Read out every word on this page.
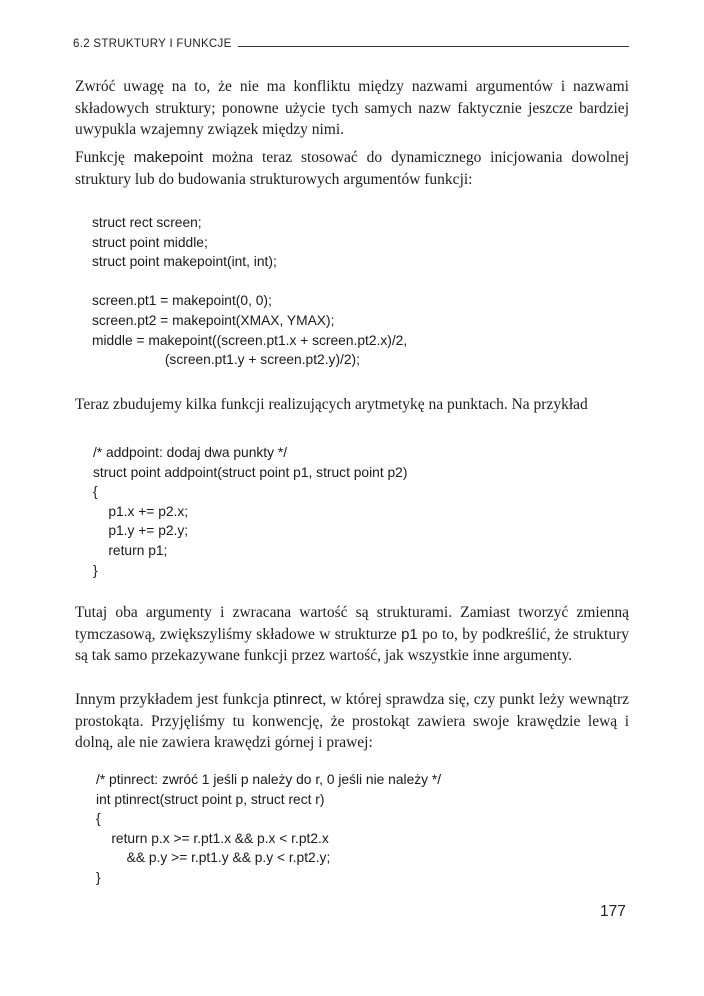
6.2 STRUKTURY I FUNKCJE

Zwróć uwagę na to, że nie ma konfliktu między nazwami argumentów i nazwami składowych struktury; ponowne użycie tych samych nazw faktycznie jeszcze bardziej uwypukla wzajemny związek między nimi.

Funkcję makepoint można teraz stosować do dynamicznego inicjowania dowolnej struktury lub do budowania strukturowych argumentów funkcji:

struct rect screen;
struct point middle;
struct point makepoint(int, int);
screen.pt1 = makepoint(0, 0);
screen.pt2 = makepoint(XMAX, YMAX);
middle = makepoint((screen.pt1.x + screen.pt2.x)/2,
(screen.pt1.y + screen.pt2.y)/2);

Teraz zbudujemy kilka funkcji realizujących arytmetykę na punktach. Na przykład

/* addpoint: dodaj dwa punkty */
struct point addpoint(struct point p1, struct point p2)
{
p1.x += p2.x;
p1.y += p2.y;
return p1;
}

Tutaj oba argumenty i zwracana wartość są strukturami. Zamiast tworzyć zmienną tymczasową, zwiększyliśmy składowe w strukturze p1 po to, by podkreślić, że struktury są tak samo przekazywane funkcji przez wartość, jak wszystkie inne argumenty.

Innym przykładem jest funkcja ptinrect, w której sprawdza się, czy punkt leży wewnątrz prostokąta. Przyjęliśmy tu konwencję, że prostokąt zawiera swoje krawędzie lewą i dolną, ale nie zawiera krawędzi górnej i prawej:

/* ptinrect: zwróć 1 jeśli p należy do r, 0 jeśli nie należy */
int ptinrect(struct point p, struct rect r)
{
return p.x >= r.pt1.x && p.x < r.pt2.x
&& p.y >= r.pt1.y && p.y < r.pt2.y;
}
177
